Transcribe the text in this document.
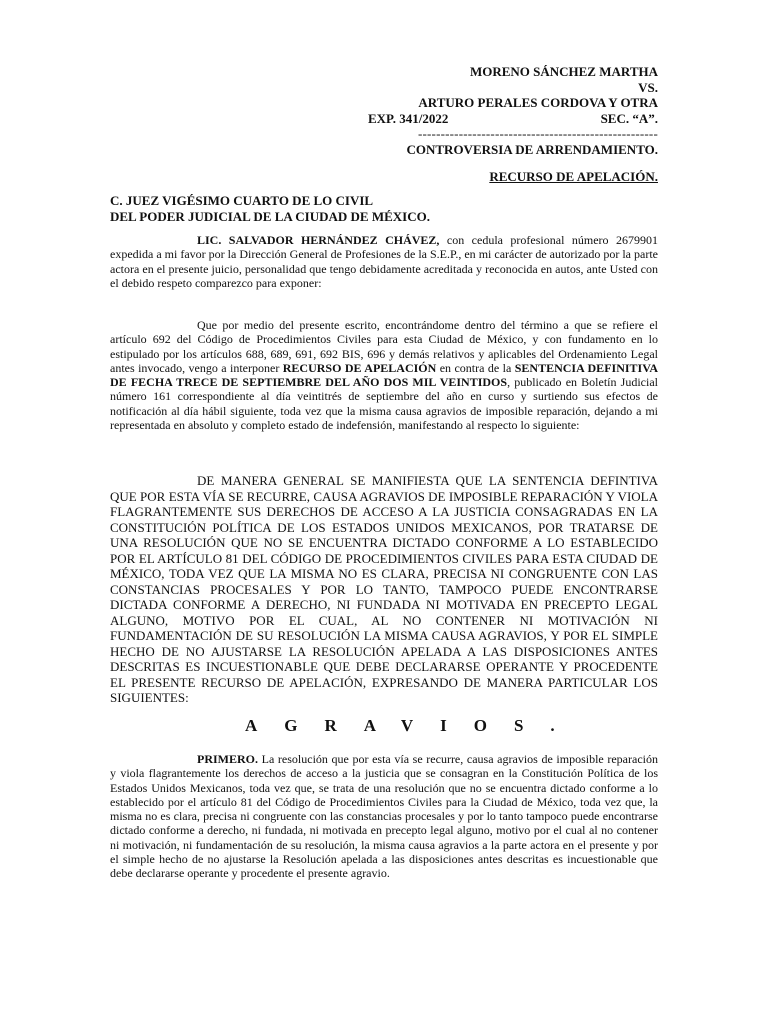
MORENO SÁNCHEZ MARTHA
VS.
ARTURO PERALES CORDOVA Y OTRA
EXP. 341/2022	SEC. “A”.
-----------------------------------------------------
CONTROVERSIA DE ARRENDAMIENTO.
RECURSO DE APELACIÓN.
C. JUEZ VIGÉSIMO CUARTO DE LO CIVIL
DEL PODER JUDICIAL DE LA CIUDAD DE MÉXICO.
LIC. SALVADOR HERNÁNDEZ CHÁVEZ, con cedula profesional número 2679901 expedida a mi favor por la Dirección General de Profesiones de la S.E.P., en mi carácter de autorizado por la parte actora en el presente juicio, personalidad que tengo debidamente acreditada y reconocida en autos, ante Usted con el debido respeto comparezco para exponer:
Que por medio del presente escrito, encontrándome dentro del término a que se refiere el artículo 692 del Código de Procedimientos Civiles para esta Ciudad de México, y con fundamento en lo estipulado por los artículos 688, 689, 691, 692 BIS, 696 y demás relativos y aplicables del Ordenamiento Legal antes invocado, vengo a interponer RECURSO DE APELACIÓN en contra de la SENTENCIA DEFINITIVA DE FECHA TRECE DE SEPTIEMBRE DEL AÑO DOS MIL VEINTIDOS, publicado en Boletín Judicial número 161 correspondiente al día veintitrés de septiembre del año en curso y surtiendo sus efectos de notificación al día hábil siguiente, toda vez que la misma causa agravios de imposible reparación, dejando a mi representada en absoluto y completo estado de indefensión, manifestando al respecto lo siguiente:
DE MANERA GENERAL SE MANIFIESTA QUE LA SENTENCIA DEFINTIVA QUE POR ESTA VÍA SE RECURRE, CAUSA AGRAVIOS DE IMPOSIBLE REPARACIÓN Y VIOLA FLAGRANTEMENTE SUS DERECHOS DE ACCESO A LA JUSTICIA CONSAGRADAS EN LA CONSTITUCIÓN POLÍTICA DE LOS ESTADOS UNIDOS MEXICANOS, POR TRATARSE DE UNA RESOLUCIÓN QUE NO SE ENCUENTRA DICTADO CONFORME A LO ESTABLECIDO POR EL ARTÍCULO 81 DEL CÓDIGO DE PROCEDIMIENTOS CIVILES PARA ESTA CIUDAD DE MÉXICO, TODA VEZ QUE LA MISMA NO ES CLARA, PRECISA NI CONGRUENTE CON LAS CONSTANCIAS PROCESALES Y POR LO TANTO, TAMPOCO PUEDE ENCONTRARSE DICTADA CONFORME A DERECHO, NI FUNDADA NI MOTIVADA EN PRECEPTO LEGAL ALGUNO, MOTIVO POR EL CUAL, AL NO CONTENER NI MOTIVACIÓN NI FUNDAMENTACIÓN DE SU RESOLUCIÓN LA MISMA CAUSA AGRAVIOS, Y POR EL SIMPLE HECHO DE NO AJUSTARSE LA RESOLUCIÓN APELADA A LAS DISPOSICIONES ANTES DESCRITAS ES INCUESTIONABLE QUE DEBE DECLARARSE OPERANTE Y PROCEDENTE EL PRESENTE RECURSO DE APELACIÓN, EXPRESANDO DE MANERA PARTICULAR LOS SIGUIENTES:
AGRAVIOS.
PRIMERO. La resolución que por esta vía se recurre, causa agravios de imposible reparación y viola flagrantemente los derechos de acceso a la justicia que se consagran en la Constitución Política de los Estados Unidos Mexicanos, toda vez que, se trata de una resolución que no se encuentra dictado conforme a lo establecido por el artículo 81 del Código de Procedimientos Civiles para la Ciudad de México, toda vez que, la misma no es clara, precisa ni congruente con las constancias procesales y por lo tanto tampoco puede encontrarse dictado conforme a derecho, ni fundada, ni motivada en precepto legal alguno, motivo por el cual al no contener ni motivación, ni fundamentación de su resolución, la misma causa agravios a la parte actora en el presente y por el simple hecho de no ajustarse la Resolución apelada a las disposiciones antes descritas es incuestionable que debe declararse operante y procedente el presente agravio.
